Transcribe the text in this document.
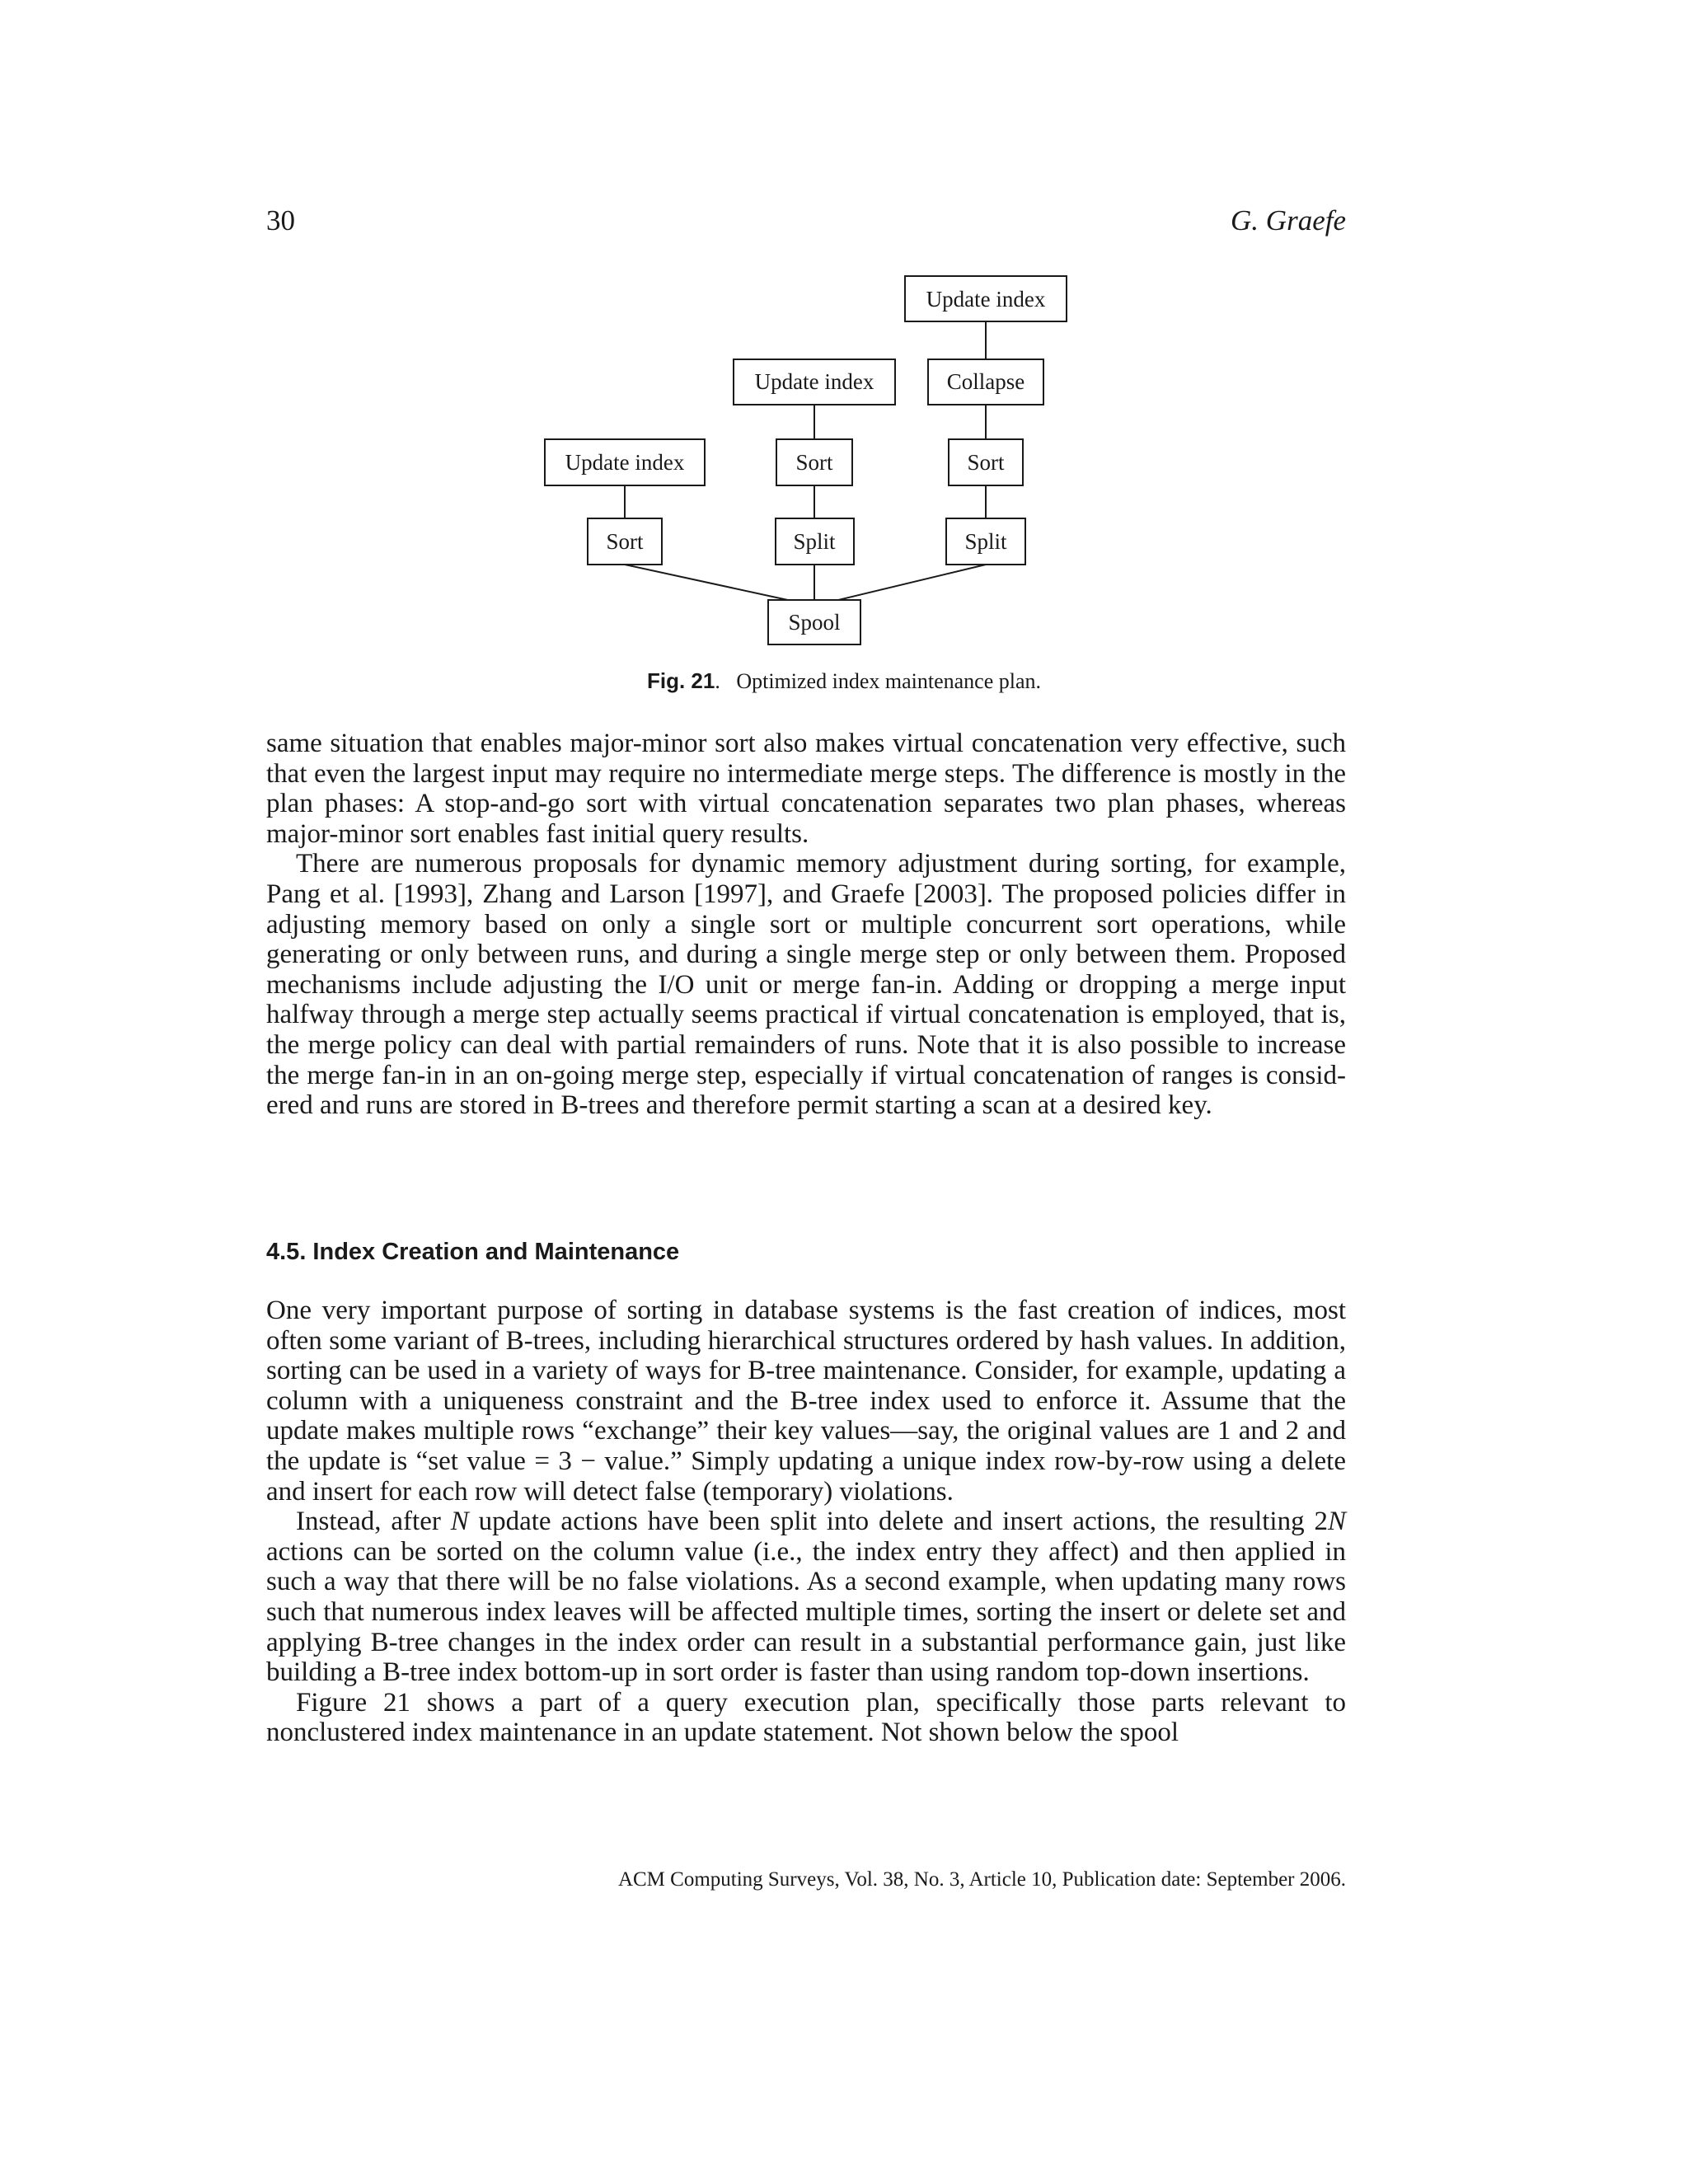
30	G. Graefe
Update index
Update index	Collapse
Update index	Sort	Sort
Sort	Split	Split
Spool
Fig. 21.   Optimized index maintenance plan.

same situation that enables major-minor sort also makes virtual concatenation very effective, such that even the largest input may require no intermediate merge steps. The difference is mostly in the plan phases: A stop-and-go sort with virtual concatenation separates two plan phases, whereas major-minor sort enables fast initial query results.

There are numerous proposals for dynamic memory adjustment during sorting, for example, Pang et al. [1993], Zhang and Larson [1997], and Graefe [2003]. The proposed policies differ in adjusting memory based on only a single sort or multiple concurrent sort operations, while generating or only between runs, and during a single merge step or only between them. Proposed mechanisms include adjusting the I/O unit or merge fan-in. Adding or dropping a merge input halfway through a merge step actually seems practical if virtual concatenation is employed, that is, the merge policy can deal with partial remainders of runs. Note that it is also possible to increase the merge fan-in in an on-going merge step, especially if virtual concatenation of ranges is considered and runs are stored in B-trees and therefore permit starting a scan at a desired key.

4.5. Index Creation and Maintenance

One very important purpose of sorting in database systems is the fast creation of indices, most often some variant of B-trees, including hierarchical structures ordered by hash values. In addition, sorting can be used in a variety of ways for B-tree maintenance. Consider, for example, updating a column with a uniqueness constraint and the B-tree index used to enforce it. Assume that the update makes multiple rows “exchange” their key values—say, the original values are 1 and 2 and the update is “set value = 3 − value.” Simply updating a unique index row-by-row using a delete and insert for each row will detect false (temporary) violations.

Instead, after N update actions have been split into delete and insert actions, the resulting 2N actions can be sorted on the column value (i.e., the index entry they affect) and then applied in such a way that there will be no false violations. As a second example, when updating many rows such that numerous index leaves will be affected multiple times, sorting the insert or delete set and applying B-tree changes in the index order can result in a substantial performance gain, just like building a B-tree index bottom-up in sort order is faster than using random top-down insertions.

Figure 21 shows a part of a query execution plan, specifically those parts relevant to nonclustered index maintenance in an update statement. Not shown below the spool

ACM Computing Surveys, Vol. 38, No. 3, Article 10, Publication date: September 2006.
